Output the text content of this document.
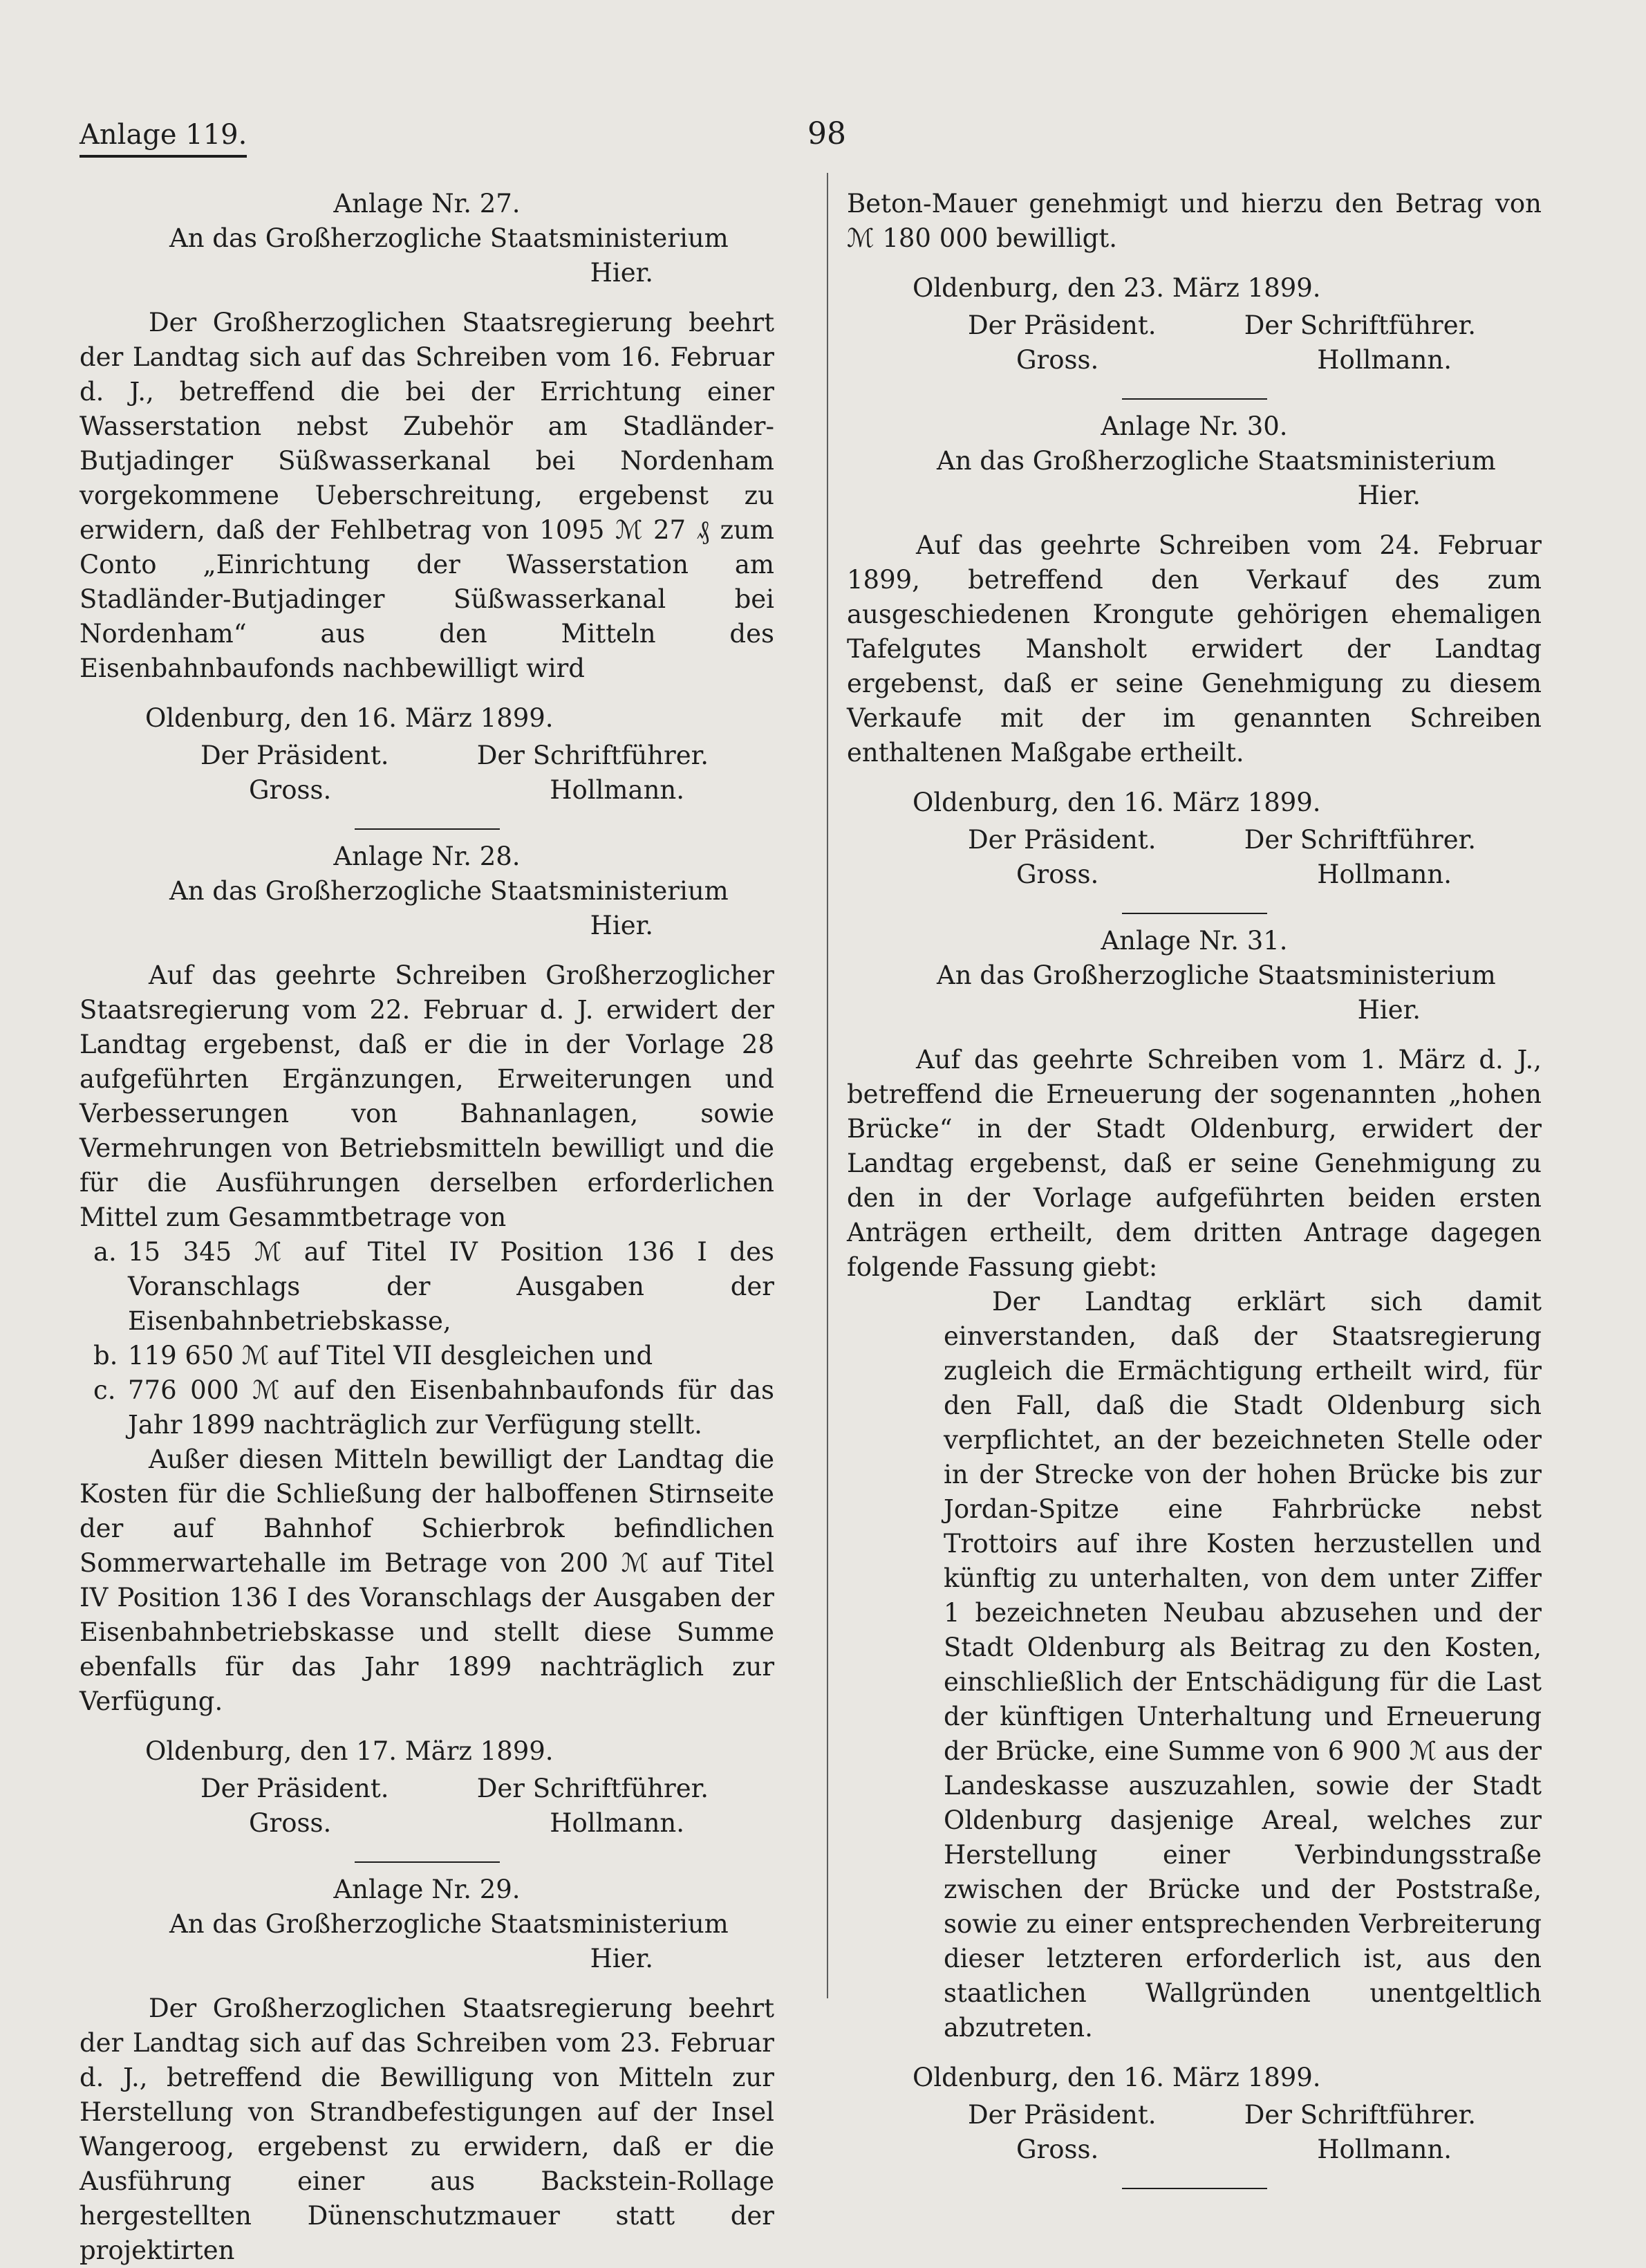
Anlage 119.	98

Anlage Nr. 27.

An das Großherzogliche Staatsministerium

Hier.

Der Großherzoglichen Staatsregierung beehrt der Landtag sich auf das Schreiben vom 16. Februar d. J., betreffend die bei der Errichtung einer Wasserstation nebst Zubehör am Stadländer-Butjadinger Süßwasserkanal bei Nordenham vorgekommene Ueberschreitung, ergebenst zu erwidern, daß der Fehlbetrag von 1095 ℳ 27 ₰ zum Conto „Einrichtung der Wasserstation am Stadländer-Butjadinger Süßwasserkanal bei Nordenham“ aus den Mitteln des Eisenbahnbaufonds nachbewilligt wird

Oldenburg, den 16. März 1899.

Der Präsident.	Der Schriftführer.
Gross.	Hollmann.

Anlage Nr. 28.

An das Großherzogliche Staatsministerium

Hier.

Auf das geehrte Schreiben Großherzoglicher Staatsregierung vom 22. Februar d. J. erwidert der Landtag ergebenst, daß er die in der Vorlage 28 aufgeführten Ergänzungen, Erweiterungen und Verbesserungen von Bahnanlagen, sowie Vermehrungen von Betriebsmitteln bewilligt und die für die Ausführungen derselben erforderlichen Mittel zum Gesammtbetrage von

a. 15 345 ℳ auf Titel IV Position 136 I des Voranschlags der Ausgaben der Eisenbahnbetriebskasse,
b. 119 650 ℳ auf Titel VII desgleichen und
c. 776 000 ℳ auf den Eisenbahnbaufonds für das Jahr 1899 nachträglich zur Verfügung stellt.

Außer diesen Mitteln bewilligt der Landtag die Kosten für die Schließung der halboffenen Stirnseite der auf Bahnhof Schierbrok befindlichen Sommerwartehalle im Betrage von 200 ℳ auf Titel IV Position 136 I des Voranschlags der Ausgaben der Eisenbahnbetriebskasse und stellt diese Summe ebenfalls für das Jahr 1899 nachträglich zur Verfügung.

Oldenburg, den 17. März 1899.

Der Präsident.	Der Schriftführer.
Gross.	Hollmann.

Anlage Nr. 29.

An das Großherzogliche Staatsministerium

Hier.

Der Großherzoglichen Staatsregierung beehrt der Landtag sich auf das Schreiben vom 23. Februar d. J., betreffend die Bewilligung von Mitteln zur Herstellung von Strandbefestigungen auf der Insel Wangeroog, ergebenst zu erwidern, daß er die Ausführung einer aus Backstein-Rollage hergestellten Dünenschutzmauer statt der projektirten

Beton-Mauer genehmigt und hierzu den Betrag von ℳ 180 000 bewilligt.

Oldenburg, den 23. März 1899.

Der Präsident.	Der Schriftführer.
Gross.	Hollmann.

Anlage Nr. 30.

An das Großherzogliche Staatsministerium

Hier.

Auf das geehrte Schreiben vom 24. Februar 1899, betreffend den Verkauf des zum ausgeschiedenen Krongute gehörigen ehemaligen Tafelgutes Mansholt erwidert der Landtag ergebenst, daß er seine Genehmigung zu diesem Verkaufe mit der im genannten Schreiben enthaltenen Maßgabe ertheilt.

Oldenburg, den 16. März 1899.

Der Präsident.	Der Schriftführer.
Gross.	Hollmann.

Anlage Nr. 31.

An das Großherzogliche Staatsministerium

Hier.

Auf das geehrte Schreiben vom 1. März d. J., betreffend die Erneuerung der sogenannten „hohen Brücke“ in der Stadt Oldenburg, erwidert der Landtag ergebenst, daß er seine Genehmigung zu den in der Vorlage aufgeführten beiden ersten Anträgen ertheilt, dem dritten Antrage dagegen folgende Fassung giebt:

Der Landtag erklärt sich damit einverstanden, daß der Staatsregierung zugleich die Ermächtigung ertheilt wird, für den Fall, daß die Stadt Oldenburg sich verpflichtet, an der bezeichneten Stelle oder in der Strecke von der hohen Brücke bis zur Jordan-Spitze eine Fahrbrücke nebst Trottoirs auf ihre Kosten herzustellen und künftig zu unterhalten, von dem unter Ziffer 1 bezeichneten Neubau abzusehen und der Stadt Oldenburg als Beitrag zu den Kosten, einschließlich der Entschädigung für die Last der künftigen Unterhaltung und Erneuerung der Brücke, eine Summe von 6 900 ℳ aus der Landeskasse auszuzahlen, sowie der Stadt Oldenburg dasjenige Areal, welches zur Herstellung einer Verbindungsstraße zwischen der Brücke und der Poststraße, sowie zu einer entsprechenden Verbreiterung dieser letzteren erforderlich ist, aus den staatlichen Wallgründen unentgeltlich abzutreten.

Oldenburg, den 16. März 1899.

Der Präsident.	Der Schriftführer.
Gross.	Hollmann.
